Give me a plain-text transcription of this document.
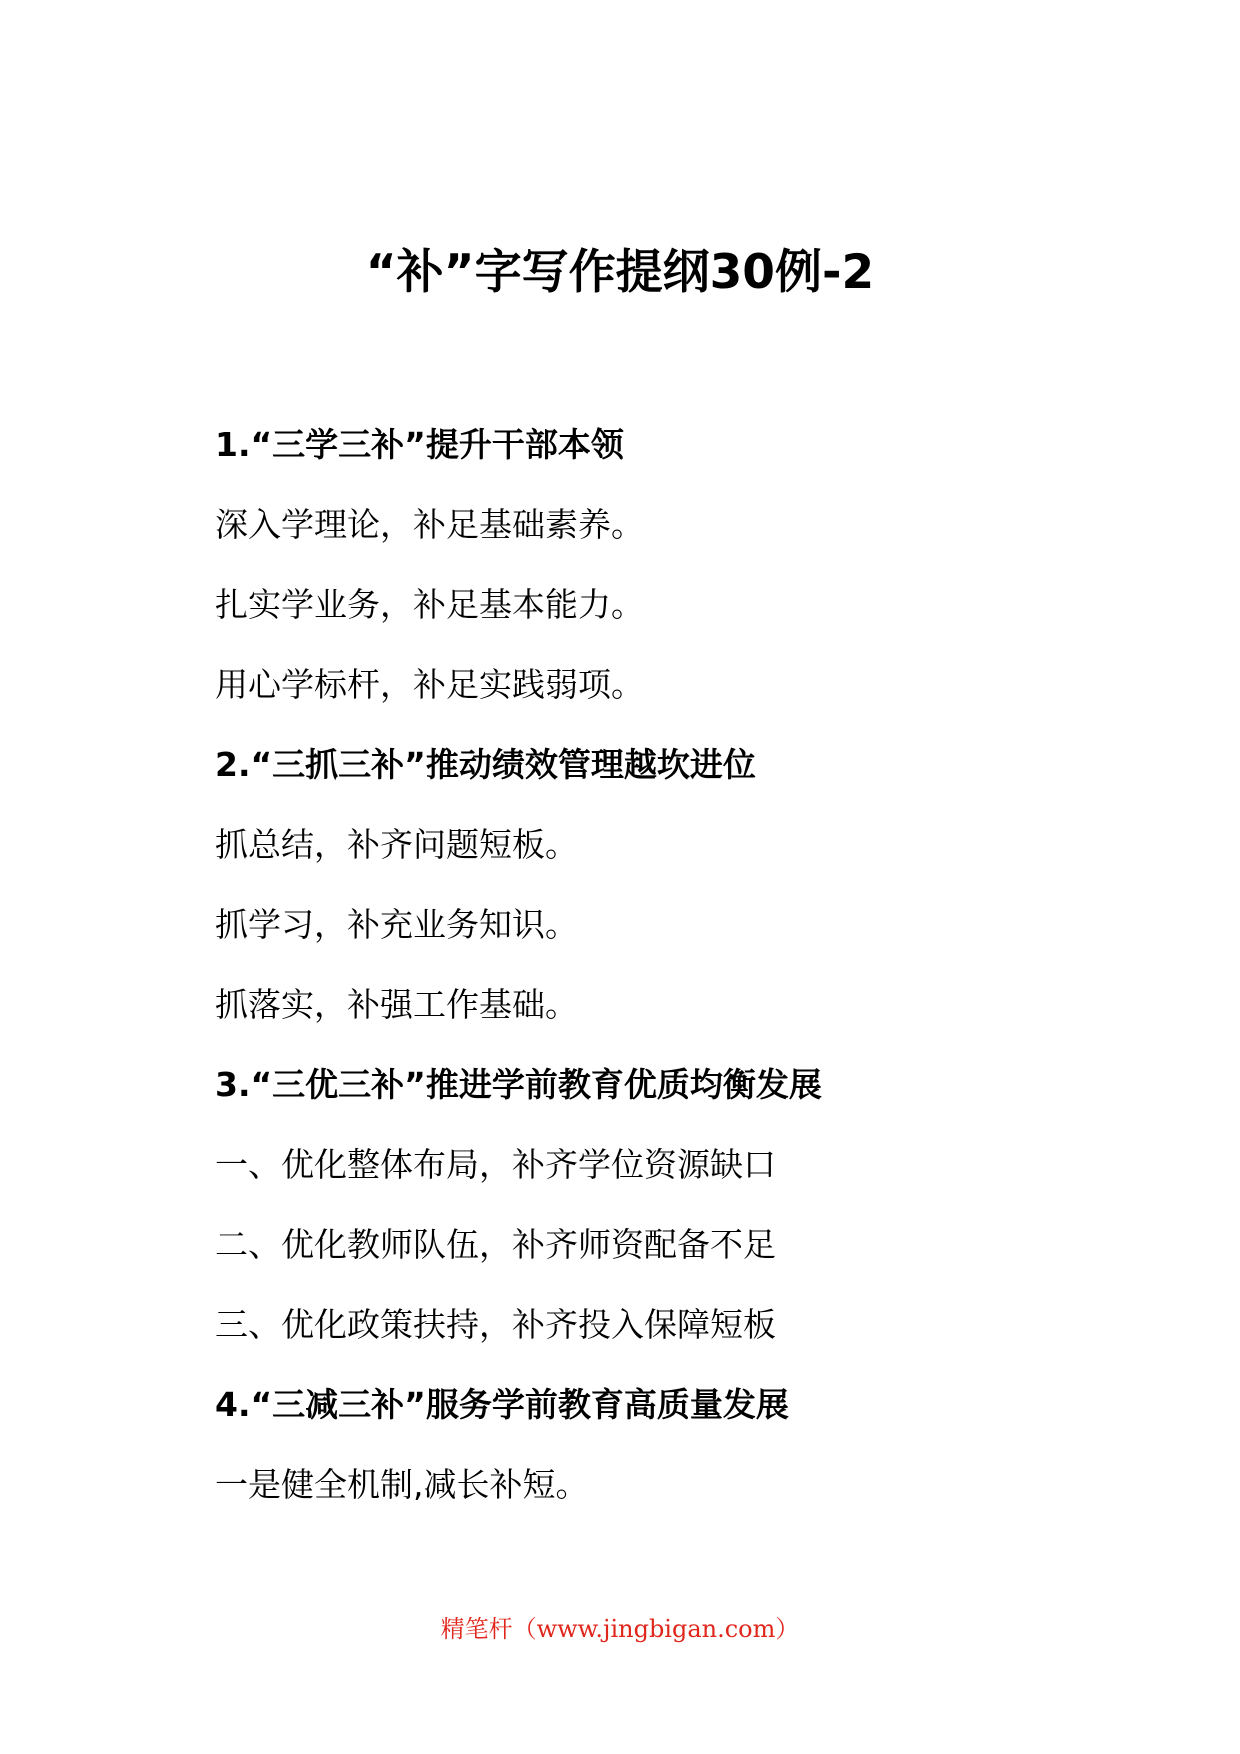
“补”字写作提纲30例-2
1.“三学三补”提升干部本领
深入学理论，补足基础素养。
扎实学业务，补足基本能力。
用心学标杆，补足实践弱项。
2.“三抓三补”推动绩效管理越坎进位
抓总结，补齐问题短板。
抓学习，补充业务知识。
抓落实，补强工作基础。
3.“三优三补”推进学前教育优质均衡发展
一、优化整体布局，补齐学位资源缺口
二、优化教师队伍，补齐师资配备不足
三、优化政策扶持，补齐投入保障短板
4.“三减三补”服务学前教育高质量发展
一是健全机制,减长补短。
精笔杆（www.jingbigan.com）
